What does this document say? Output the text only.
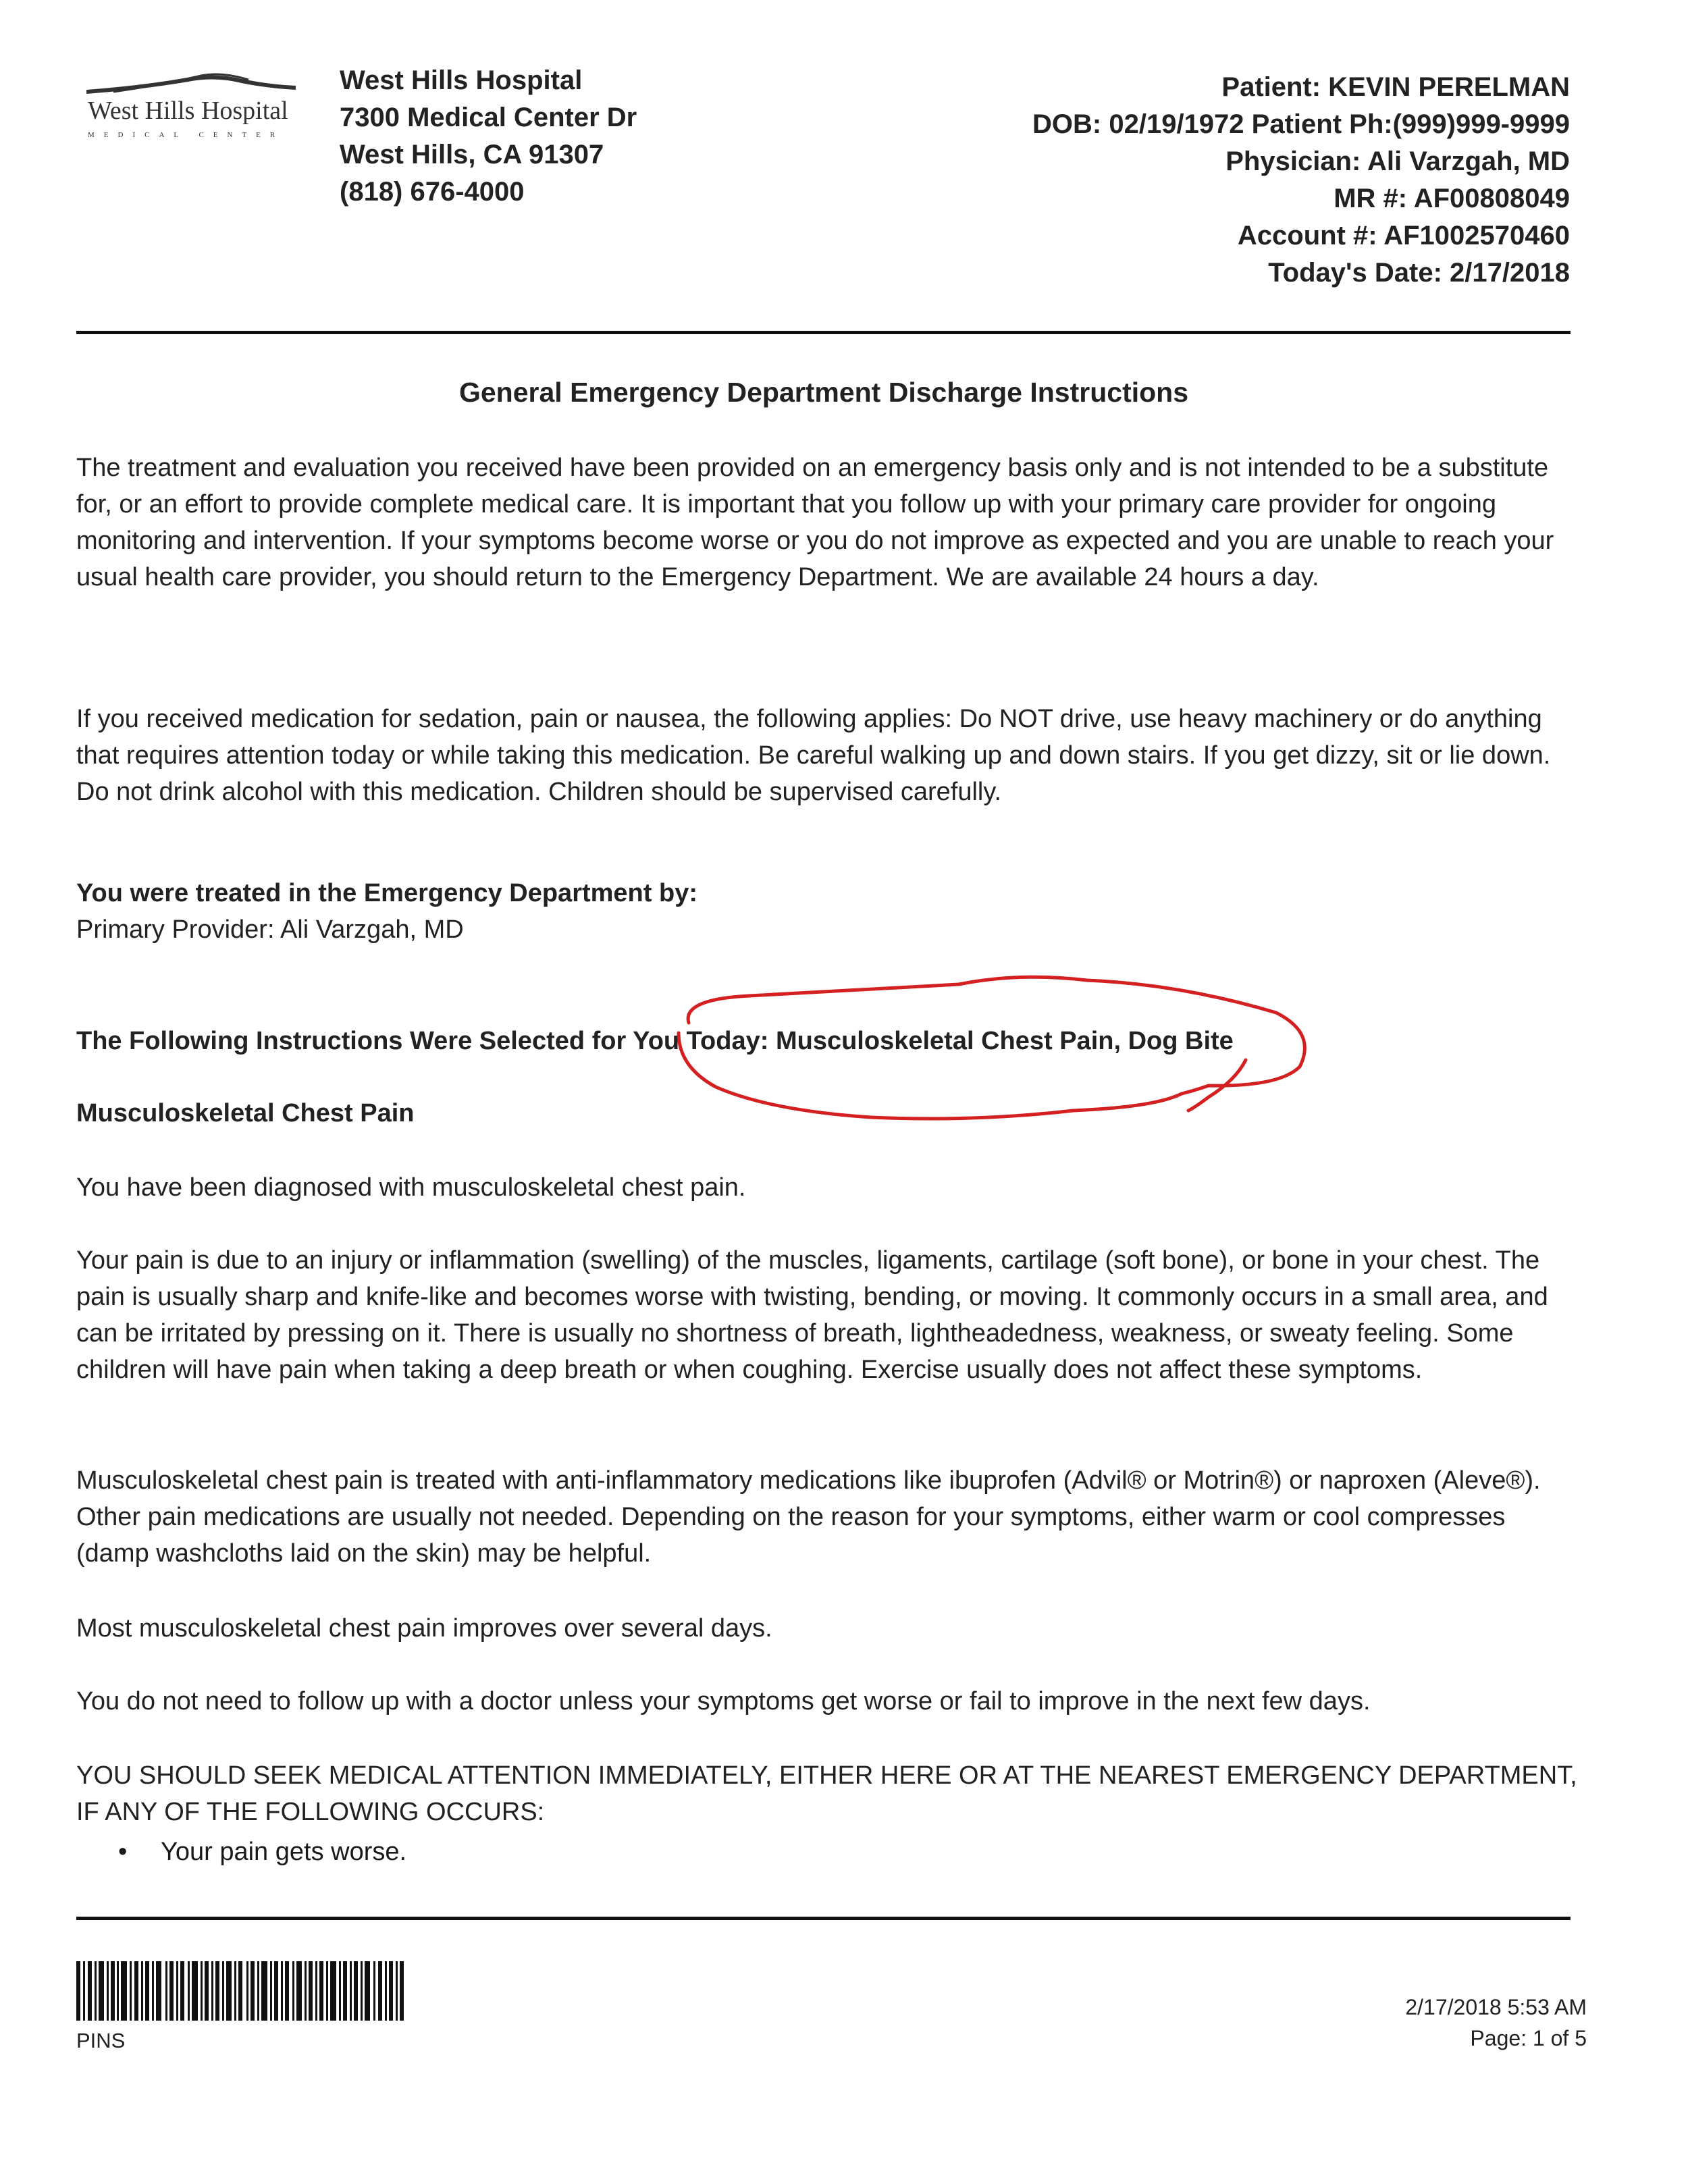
West Hills Hospital
MEDICAL CENTER
West Hills Hospital
7300 Medical Center Dr
West Hills, CA 91307
(818) 676-4000
Patient: KEVIN PERELMAN
DOB: 02/19/1972 Patient Ph:(999)999-9999
Physician: Ali Varzgah, MD
MR #: AF00808049
Account #: AF1002570460
Today's Date: 2/17/2018
General Emergency Department Discharge Instructions
The treatment and evaluation you received have been provided on an emergency basis only and is not intended to be a substitute for, or an effort to provide complete medical care. It is important that you follow up with your primary care provider for ongoing monitoring and intervention. If your symptoms become worse or you do not improve as expected and you are unable to reach your usual health care provider, you should return to the Emergency Department. We are available 24 hours a day.
If you received medication for sedation, pain or nausea, the following applies: Do NOT drive, use heavy machinery or do anything that requires attention today or while taking this medication. Be careful walking up and down stairs. If you get dizzy, sit or lie down. Do not drink alcohol with this medication. Children should be supervised carefully.
You were treated in the Emergency Department by:
Primary Provider: Ali Varzgah, MD
The Following Instructions Were Selected for You Today: Musculoskeletal Chest Pain, Dog Bite
Musculoskeletal Chest Pain
You have been diagnosed with musculoskeletal chest pain.
Your pain is due to an injury or inflammation (swelling) of the muscles, ligaments, cartilage (soft bone), or bone in your chest. The pain is usually sharp and knife-like and becomes worse with twisting, bending, or moving. It commonly occurs in a small area, and can be irritated by pressing on it. There is usually no shortness of breath, lightheadedness, weakness, or sweaty feeling. Some children will have pain when taking a deep breath or when coughing. Exercise usually does not affect these symptoms.
Musculoskeletal chest pain is treated with anti-inflammatory medications like ibuprofen (Advil® or Motrin®) or naproxen (Aleve®). Other pain medications are usually not needed. Depending on the reason for your symptoms, either warm or cool compresses (damp washcloths laid on the skin) may be helpful.
Most musculoskeletal chest pain improves over several days.
You do not need to follow up with a doctor unless your symptoms get worse or fail to improve in the next few days.
YOU SHOULD SEEK MEDICAL ATTENTION IMMEDIATELY, EITHER HERE OR AT THE NEAREST EMERGENCY DEPARTMENT, IF ANY OF THE FOLLOWING OCCURS:
• Your pain gets worse.
PINS
2/17/2018 5:53 AM
Page: 1 of 5
